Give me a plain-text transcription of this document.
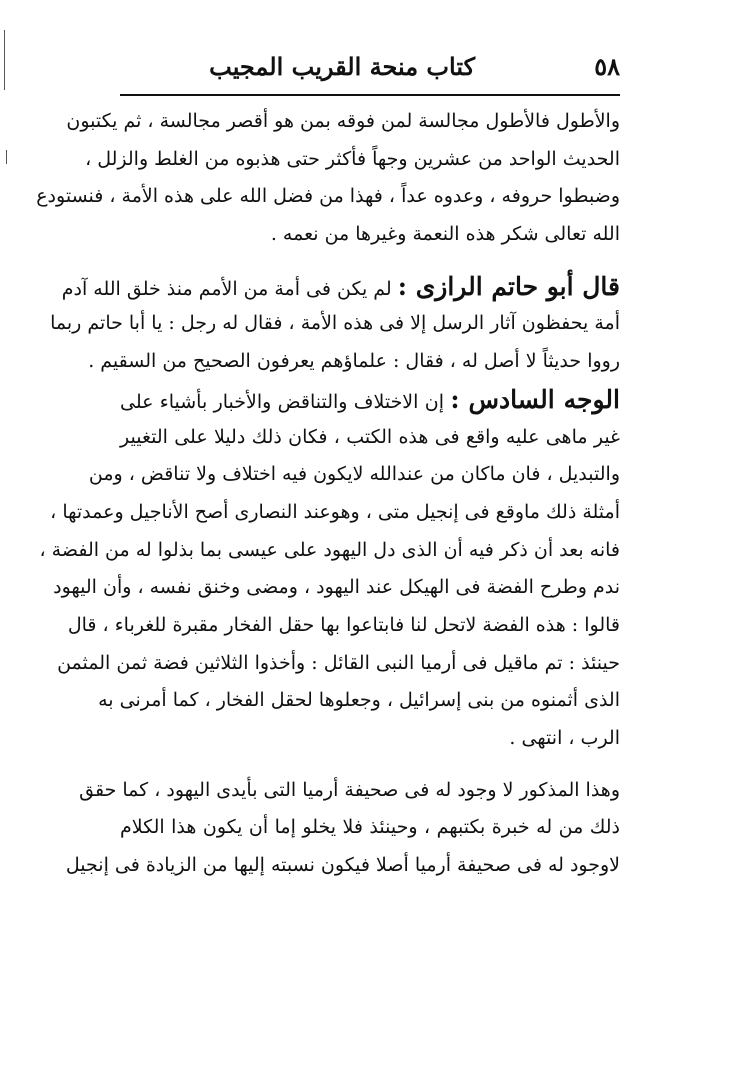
٥٨
كتاب منحة القريب المجيب
والأطول فالأطول مجالسة لمن فوقه بمن هو أقصر مجالسة ، ثم يكتبون
الحديث الواحد من عشرين وجهاً فأكثر حتى هذبوه من الغلط والزلل ،
وضبطوا حروفه ، وعدوه عداً ، فهذا من فضل الله على هذه الأمة ، فنستودع
الله تعالى شكر هذه النعمة وغيرها من نعمه .
قال أبو حاتم الرازى : لم يكن فى أمة من الأمم منذ خلق الله آدم
أمة يحفظون آثار الرسل إلا فى هذه الأمة ، فقال له رجل : يا أبا حاتم ربما
رووا حديثاً لا أصل له ، فقال : علماؤهم يعرفون الصحيح من السقيم .
الوجه السادس : إن الاختلاف والتناقض والأخبار بأشياء على
غير ماهى عليه واقع فى هذه الكتب ، فكان ذلك دليلا على التغيير
والتبديل ، فان ماكان من عندالله لايكون فيه اختلاف ولا تناقض ، ومن
أمثلة ذلك ماوقع فى إنجيل متى ، وهوعند النصارى أصح الأناجيل وعمدتها ،
فانه بعد أن ذكر فيه أن الذى دل اليهود على عيسى بما بذلوا له من الفضة ،
ندم وطرح الفضة فى الهيكل عند اليهود ، ومضى وخنق نفسه ، وأن اليهود
قالوا : هذه الفضة لاتحل لنا فابتاعوا بها حقل الفخار مقبرة للغرباء ، قال
حينئذ : تم ماقيل فى أرميا النبى القائل : وأخذوا الثلاثين فضة ثمن المثمن
الذى أثمنوه من بنى إسرائيل ، وجعلوها لحقل الفخار ، كما أمرنى به
الرب ، انتهى .
وهذا المذكور لا وجود له فى صحيفة أرميا التى بأيدى اليهود ، كما حقق
ذلك من له خبرة بكتبهم ، وحينئذ فلا يخلو إما أن يكون هذا الكلام
لاوجود له فى صحيفة أرميا أصلا فيكون نسبته إليها من الزيادة فى إنجيل
